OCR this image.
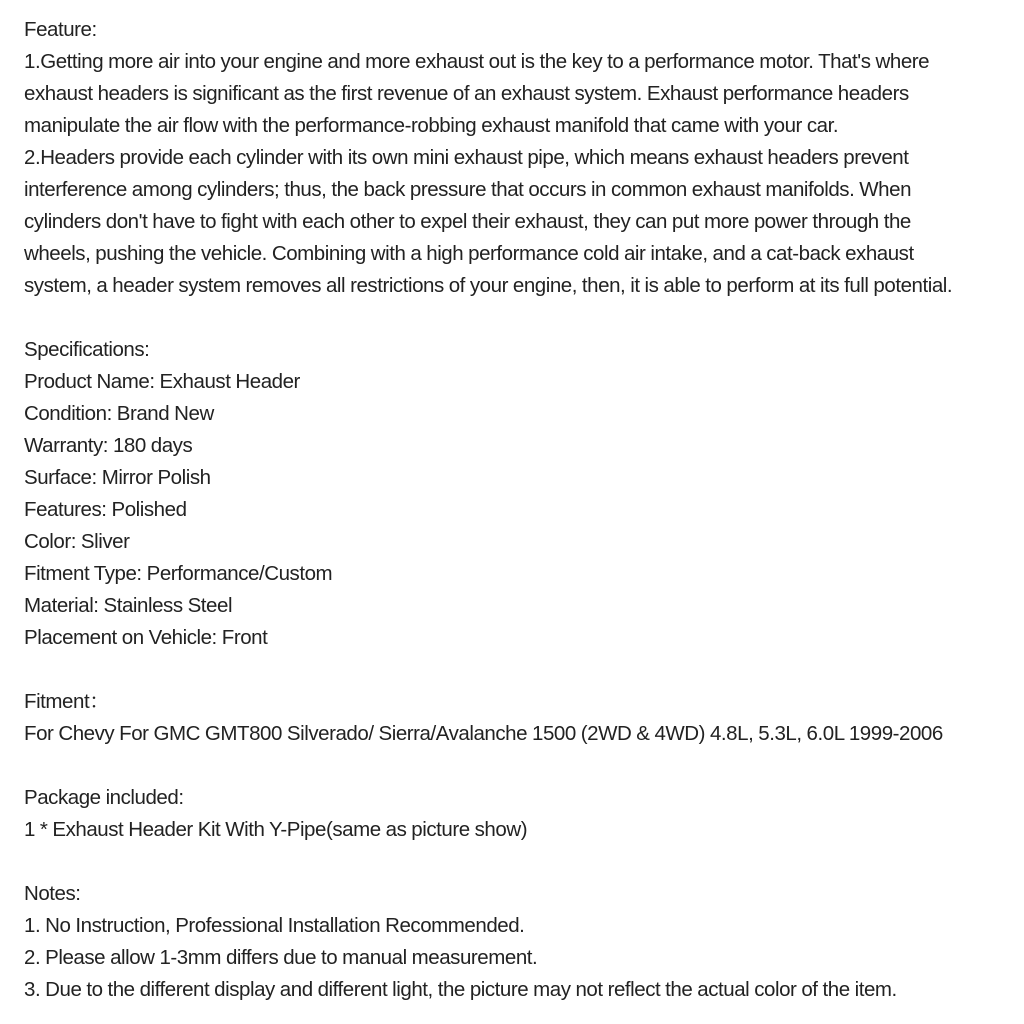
Feature:
1.Getting more air into your engine and more exhaust out is the key to a performance motor. That's where
exhaust headers is significant as the first revenue of an exhaust system. Exhaust performance headers
manipulate the air flow with the performance-robbing exhaust manifold that came with your car.
2.Headers provide each cylinder with its own mini exhaust pipe, which means exhaust headers prevent
interference among cylinders; thus, the back pressure that occurs in common exhaust manifolds. When
cylinders don't have to fight with each other to expel their exhaust, they can put more power through the
wheels, pushing the vehicle. Combining with a high performance cold air intake, and a cat-back exhaust
system, a header system removes all restrictions of your engine, then, it is able to perform at its full potential.
Specifications:
Product Name: Exhaust Header
Condition: Brand New
Warranty: 180 days
Surface: Mirror Polish
Features: Polished
Color: Sliver
Fitment Type: Performance/Custom
Material: Stainless Steel
Placement on Vehicle: Front
Fitment：
For Chevy For GMC GMT800 Silverado/ Sierra/Avalanche 1500 (2WD & 4WD) 4.8L, 5.3L, 6.0L 1999-2006
Package included:
1 * Exhaust Header Kit With Y-Pipe(same as picture show)
Notes:
1. No Instruction, Professional Installation Recommended.
2. Please allow 1-3mm differs due to manual measurement.
3. Due to the different display and different light, the picture may not reflect the actual color of the item.
